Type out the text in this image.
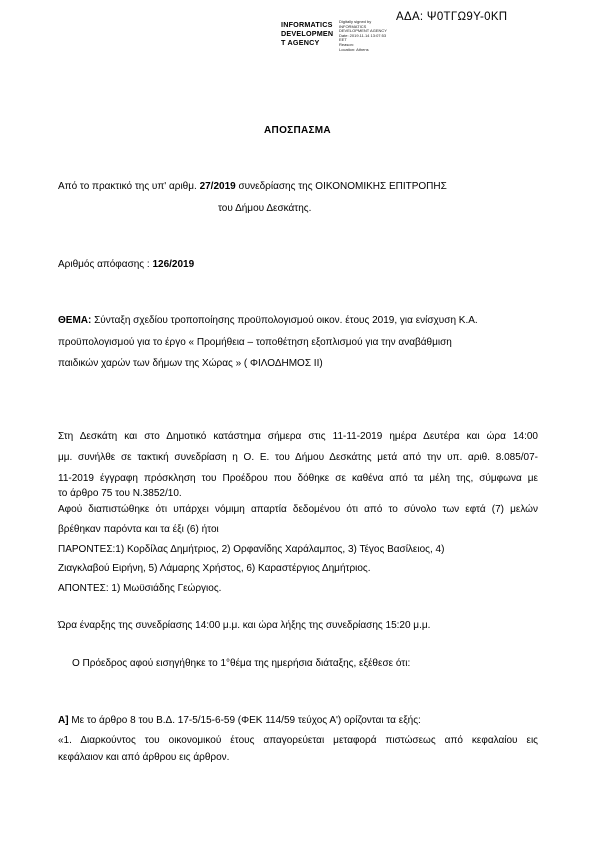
ΑΔΑ: Ψ0ΤΓΩ9Υ-0ΚΠ
INFORMATICS
DEVELOPMEN
T AGENCY
Digitally signed by
INFORMATICS
DEVELOPMENT AGENCY
Date: 2019.11.14 13:07:53
EET
Reason:
Location: Athens
ΑΠΟΣΠΑΣΜΑ
Από το πρακτικό της υπ' αριθμ. 27/2019 συνεδρίασης της ΟΙΚΟΝΟΜΙΚΗΣ ΕΠΙΤΡΟΠΗΣ
του Δήμου Δεσκάτης.
Αριθμός απόφασης : 126/2019
ΘΕΜΑ: Σύνταξη σχεδίου τροποποίησης προϋπολογισμού οικον. έτους 2019, για ενίσχυση Κ.Α.
προϋπολογισμού για το έργο « Προμήθεια – τοποθέτηση εξοπλισμού για την αναβάθμιση
παιδικών χαρών των δήμων της Χώρας » ( ΦΙΛΟΔΗΜΟΣ ΙΙ)
Στη Δεσκάτη και στο Δημοτικό κατάστημα σήμερα στις 11-11-2019 ημέρα Δευτέρα και ώρα 14:00
μμ. συνήλθε σε τακτική συνεδρίαση η Ο. Ε. του Δήμου Δεσκάτης μετά από την υπ. αριθ. 8.085/07-
11-2019 έγγραφη πρόσκληση του Προέδρου που δόθηκε σε καθένα από τα μέλη της, σύμφωνα με
το άρθρο 75 του Ν.3852/10.
Αφού διαπιστώθηκε ότι υπάρχει νόμιμη απαρτία δεδομένου ότι από το σύνολο των εφτά (7) μελών
βρέθηκαν παρόντα και τα έξι (6) ήτοι
ΠΑΡΟΝΤΕΣ:1) Κορδίλας Δημήτριος, 2) Ορφανίδης Χαράλαμπος, 3) Τέγος Βασίλειος, 4)
Ζιαγκλαβού Ειρήνη, 5) Λάμαρης Χρήστος, 6) Καραστέργιος Δημήτριος.
ΑΠΟΝΤΕΣ: 1) Μωϋσιάδης Γεώργιος.
Ώρα έναρξης της συνεδρίασης 14:00 μ.μ. και ώρα λήξης της συνεδρίασης 15:20 μ.μ.
Ο Πρόεδρος αφού εισηγήθηκε το 1°θέμα της ημερήσια διάταξης, εξέθεσε ότι:
Α] Με το άρθρο 8 του Β.Δ. 17-5/15-6-59 (ΦΕΚ 114/59 τεύχος Α') ορίζονται τα εξής:
«1. Διαρκούντος του οικονομικού έτους απαγορεύεται μεταφορά πιστώσεως από κεφαλαίου εις
κεφάλαιον και από άρθρου εις άρθρον.
